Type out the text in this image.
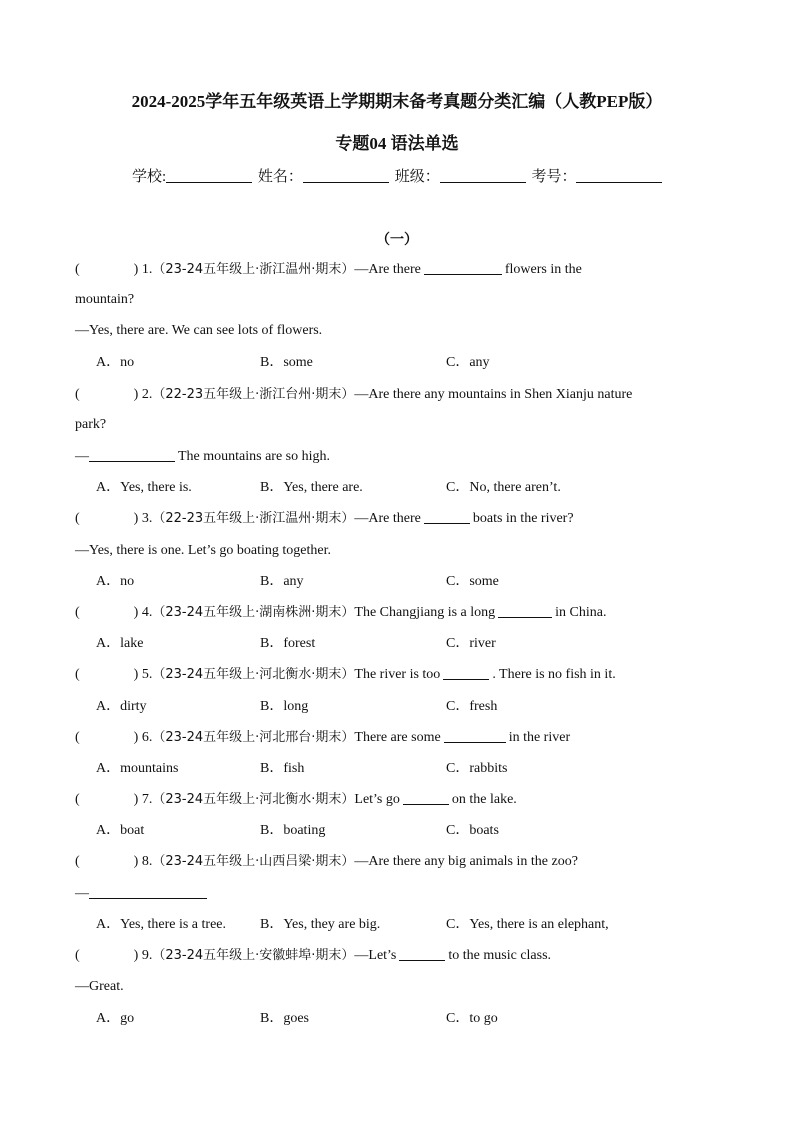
2024-2025学年五年级英语上学期期末备考真题分类汇编（人教PEP版）
专题04 语法单选
学校:	姓名：	班级：	考号：
（一）
(	) 1.（23-24五年级上·浙江温州·期末）—Are there	flowers in the
mountain?
—Yes, there are. We can see lots of flowers.
A．no	B．some	C．any
(	) 2.（22-23五年级上·浙江台州·期末）—Are there any mountains in Shen Xianju nature
park?
—	The mountains are so high.
A．Yes, there is.	B．Yes, there are.	C．No, there aren’t.
(	) 3.（22-23五年级上·浙江温州·期末）—Are there	boats in the river?
—Yes, there is one. Let’s go boating together.
A．no	B．any	C．some
(	) 4.（23-24五年级上·湖南株洲·期末）The Changjiang is a long	in China.
A．lake	B．forest	C．river
(	) 5.（23-24五年级上·河北衡水·期末）The river is too	. There is no fish in it.
A．dirty	B．long	C．fresh
(	) 6.（23-24五年级上·河北邢台·期末）There are some	in the river
A．mountains	B．fish	C．rabbits
(	) 7.（23-24五年级上·河北衡水·期末）Let’s go	on the lake.
A．boat	B．boating	C．boats
(	) 8.（23-24五年级上·山西吕梁·期末）—Are there any big animals in the zoo?
—
A．Yes, there is a tree. B．Yes, they are big.	C．Yes, there is an elephant,
(	) 9.（23-24五年级上·安徽蚌埠·期末）—Let’s	to the music class.
—Great.
A．go	B．goes	C．to go
